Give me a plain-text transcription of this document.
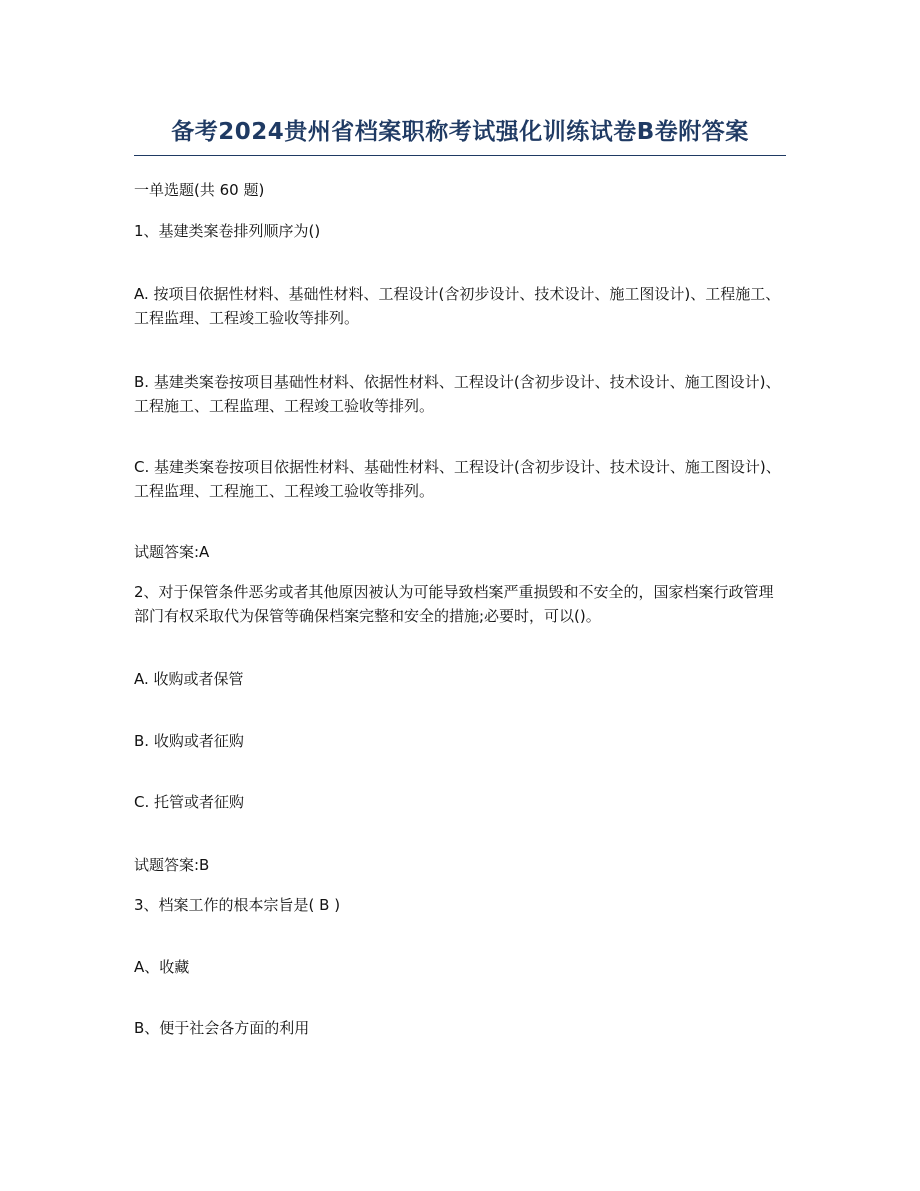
备考2024贵州省档案职称考试强化训练试卷B卷附答案
一单选题(共 60 题)
1、基建类案卷排列顺序为()
A. 按项目依据性材料、基础性材料、工程设计(含初步设计、技术设计、施工图设计)、工程施工、工程监理、工程竣工验收等排列。
B. 基建类案卷按项目基础性材料、依据性材料、工程设计(含初步设计、技术设计、施工图设计)、工程施工、工程监理、工程竣工验收等排列。
C. 基建类案卷按项目依据性材料、基础性材料、工程设计(含初步设计、技术设计、施工图设计)、工程监理、工程施工、工程竣工验收等排列。
试题答案:A
2、对于保管条件恶劣或者其他原因被认为可能导致档案严重损毁和不安全的，国家档案行政管理部门有权采取代为保管等确保档案完整和安全的措施;必要时，可以()。
A. 收购或者保管
B. 收购或者征购
C. 托管或者征购
试题答案:B
3、档案工作的根本宗旨是( B )
A、收藏
B、便于社会各方面的利用
